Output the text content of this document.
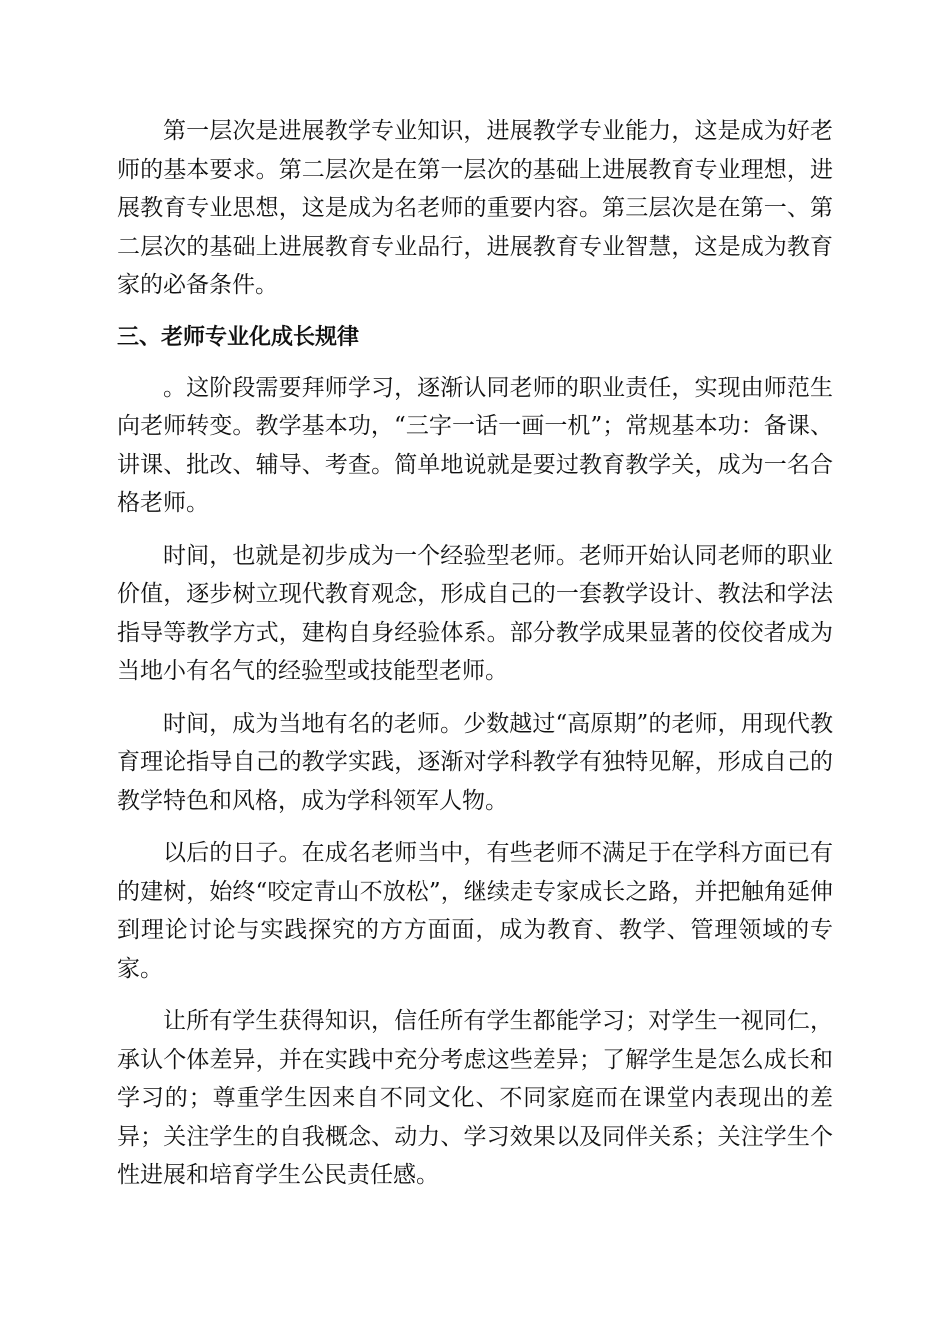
第一层次是进展教学专业知识，进展教学专业能力，这是成为好老师的基本要求。第二层次是在第一层次的基础上进展教育专业理想，进展教育专业思想，这是成为名老师的重要内容。第三层次是在第一、第二层次的基础上进展教育专业品行，进展教育专业智慧，这是成为教育家的必备条件。

三、老师专业化成长规律

。这阶段需要拜师学习，逐渐认同老师的职业责任，实现由师范生向老师转变。教学基本功，“三字一话一画一机”；常规基本功：备课、讲课、批改、辅导、考查。简单地说就是要过教育教学关，成为一名合格老师。

时间，也就是初步成为一个经验型老师。老师开始认同老师的职业价值，逐步树立现代教育观念，形成自己的一套教学设计、教法和学法指导等教学方式，建构自身经验体系。部分教学成果显著的佼佼者成为当地小有名气的经验型或技能型老师。

时间，成为当地有名的老师。少数越过“高原期”的老师，用现代教育理论指导自己的教学实践，逐渐对学科教学有独特见解，形成自己的教学特色和风格，成为学科领军人物。

以后的日子。在成名老师当中，有些老师不满足于在学科方面已有的建树，始终“咬定青山不放松”，继续走专家成长之路，并把触角延伸到理论讨论与实践探究的方方面面，成为教育、教学、管理领域的专家。

让所有学生获得知识，信任所有学生都能学习；对学生一视同仁，承认个体差异，并在实践中充分考虑这些差异；了解学生是怎么成长和学习的；尊重学生因来自不同文化、不同家庭而在课堂内表现出的差异；关注学生的自我概念、动力、学习效果以及同伴关系；关注学生个性进展和培育学生公民责任感。
